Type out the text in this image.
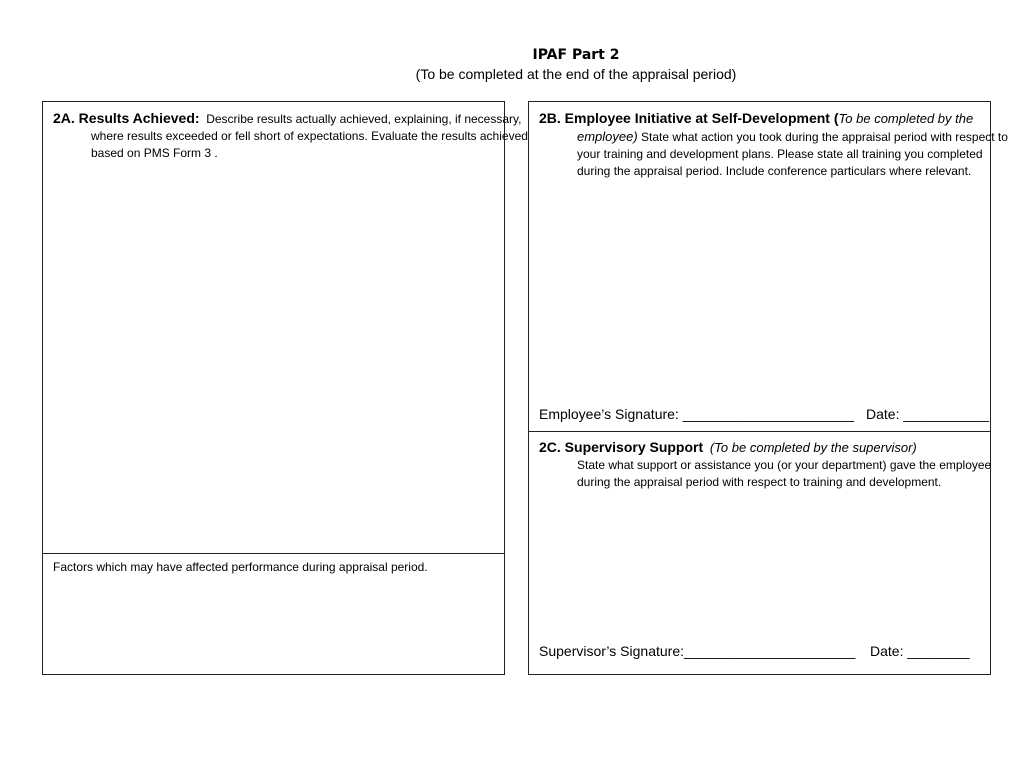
IPAF Part 2
(To be completed at the end of the appraisal period)
2A. Results Achieved: Describe results actually achieved, explaining, if necessary, where results exceeded or fell short of expectations. Evaluate the results achieved based on PMS Form 3 .
Factors which may have affected performance during appraisal period.
2B. Employee Initiative at Self-Development (To be completed by the employee) State what action you took during the appraisal period with respect to your training and development plans. Please state all training you completed during the appraisal period. Include conference particulars where relevant.
Employee’s Signature: ______________________ Date: ___________
2C. Supervisory Support (To be completed by the supervisor)
State what support or assistance you (or your department) gave the employee during the appraisal period with respect to training and development.
Supervisor’s Signature:______________________ Date: ________
